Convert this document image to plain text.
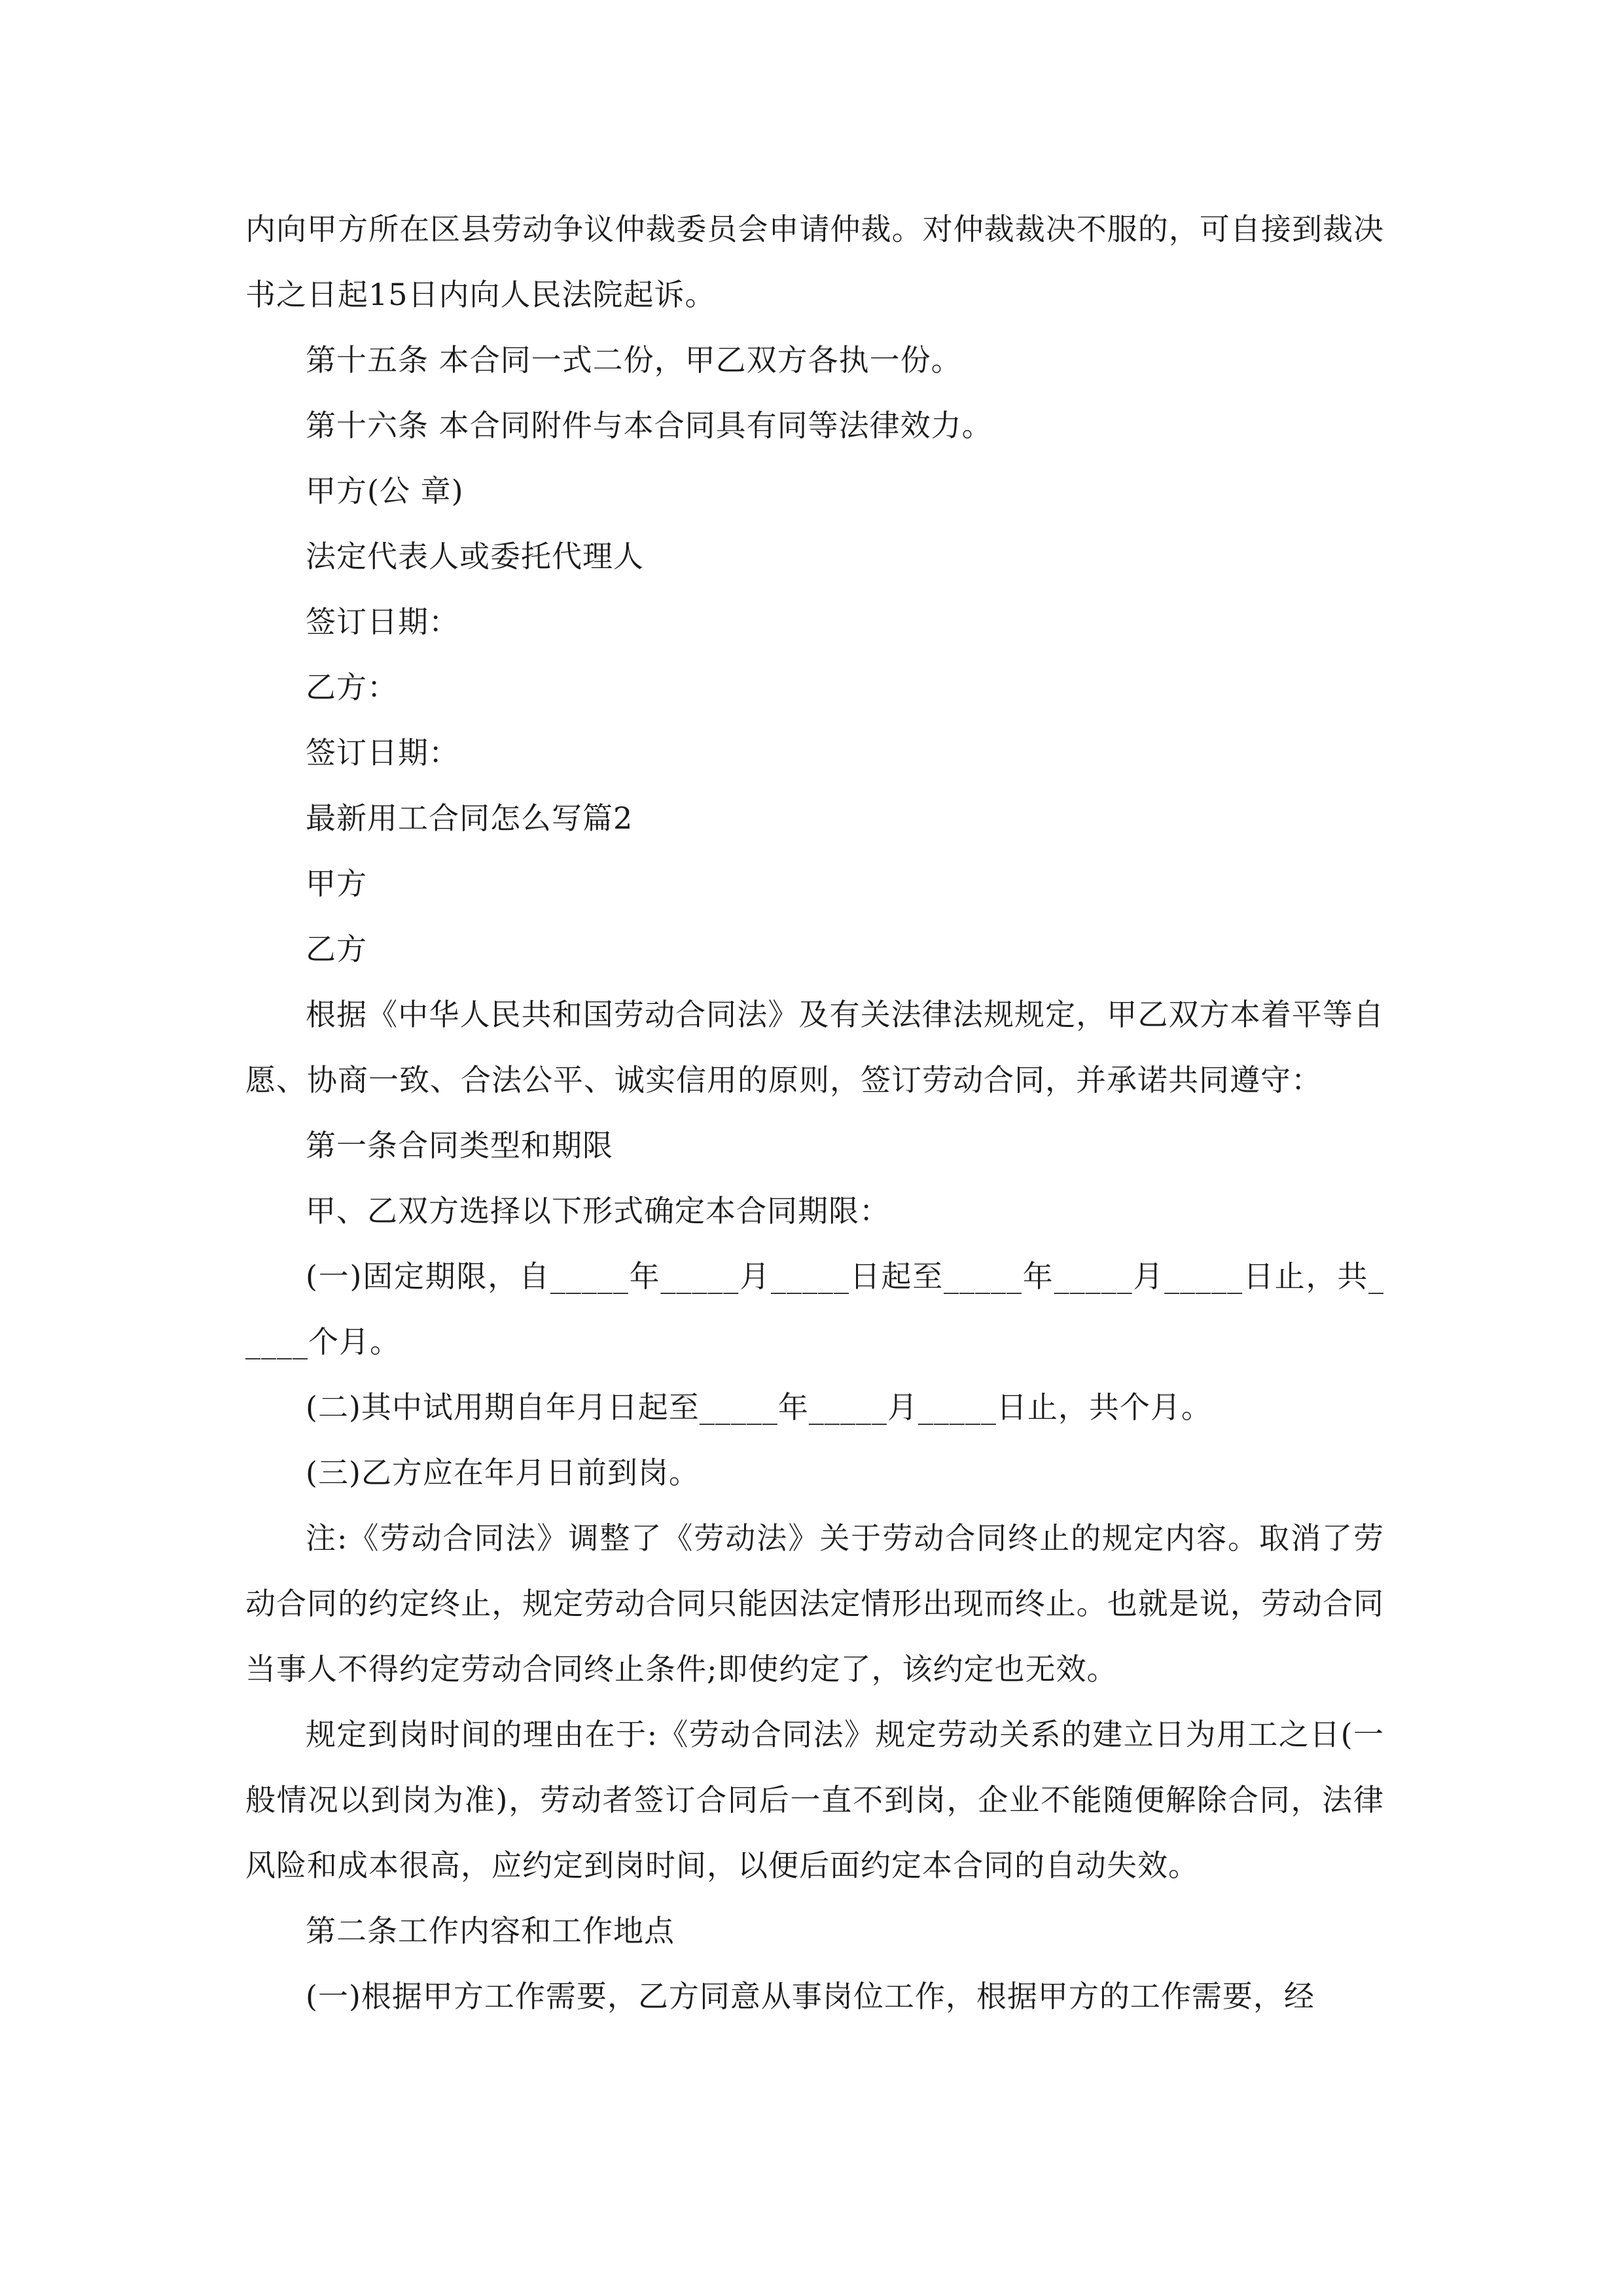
内向甲方所在区县劳动争议仲裁委员会申请仲裁。对仲裁裁决不服的，可自接到裁决书之日起15日内向人民法院起诉。

第十五条 本合同一式二份，甲乙双方各执一份。

第十六条 本合同附件与本合同具有同等法律效力。

甲方(公 章)

法定代表人或委托代理人

签订日期：

乙方：

签订日期：

最新用工合同怎么写篇2

甲方

乙方

根据《中华人民共和国劳动合同法》及有关法律法规规定，甲乙双方本着平等自愿、协商一致、合法公平、诚实信用的原则，签订劳动合同，并承诺共同遵守：

第一条合同类型和期限

甲、乙双方选择以下形式确定本合同期限：

(一)固定期限，自_____年_____月_____日起至_____年_____月_____日止，共_____个月。

(二)其中试用期自年月日起至_____年_____月_____日止，共个月。

(三)乙方应在年月日前到岗。

注:《劳动合同法》调整了《劳动法》关于劳动合同终止的规定内容。取消了劳动合同的约定终止，规定劳动合同只能因法定情形出现而终止。也就是说，劳动合同当事人不得约定劳动合同终止条件;即使约定了，该约定也无效。

规定到岗时间的理由在于:《劳动合同法》规定劳动关系的建立日为用工之日(一般情况以到岗为准)，劳动者签订合同后一直不到岗，企业不能随便解除合同，法律风险和成本很高，应约定到岗时间，以便后面约定本合同的自动失效。

第二条工作内容和工作地点

(一)根据甲方工作需要，乙方同意从事岗位工作，根据甲方的工作需要，经
